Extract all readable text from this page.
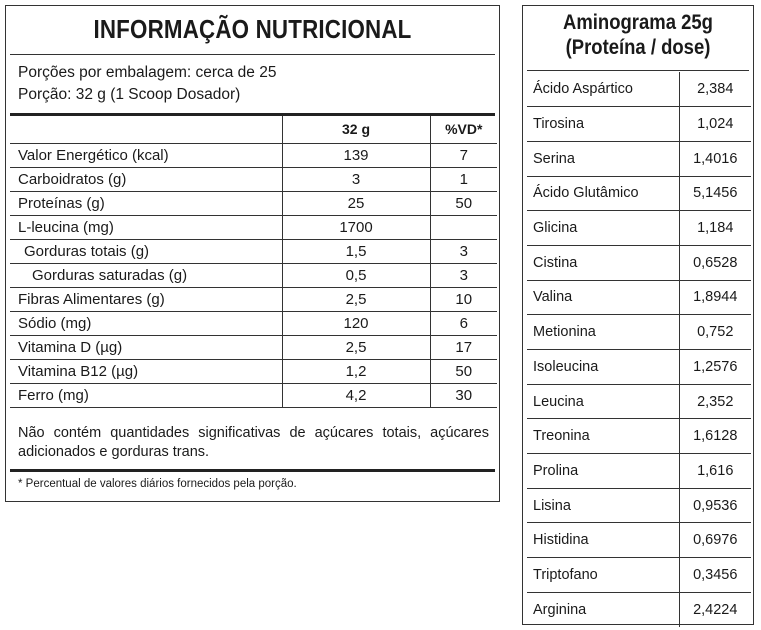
INFORMAÇÃO NUTRICIONAL
Porções por embalagem: cerca de 25
Porção: 32 g (1 Scoop Dosador)
	32 g	%VD*
Valor Energético (kcal)	139	7
Carboidratos (g)	3	1
Proteínas (g)	25	50
L-leucina (mg)	1700	
Gorduras totais (g)	1,5	3
Gorduras saturadas (g)	0,5	3
Fibras Alimentares (g)	2,5	10
Sódio (mg)	120	6
Vitamina D (µg)	2,5	17
Vitamina B12 (µg)	1,2	50
Ferro (mg)	4,2	30
Não contém quantidades significativas de açúcares totais, açúcares adicionados e gorduras trans.
* Percentual de valores diários fornecidos pela porção.
Aminograma 25g
(Proteína / dose)
Ácido Aspártico	2,384
Tirosina	1,024
Serina	1,4016
Ácido Glutâmico	5,1456
Glicina	1,184
Cistina	0,6528
Valina	1,8944
Metionina	0,752
Isoleucina	1,2576
Leucina	2,352
Treonina	1,6128
Prolina	1,616
Lisina	0,9536
Histidina	0,6976
Triptofano	0,3456
Arginina	2,4224
